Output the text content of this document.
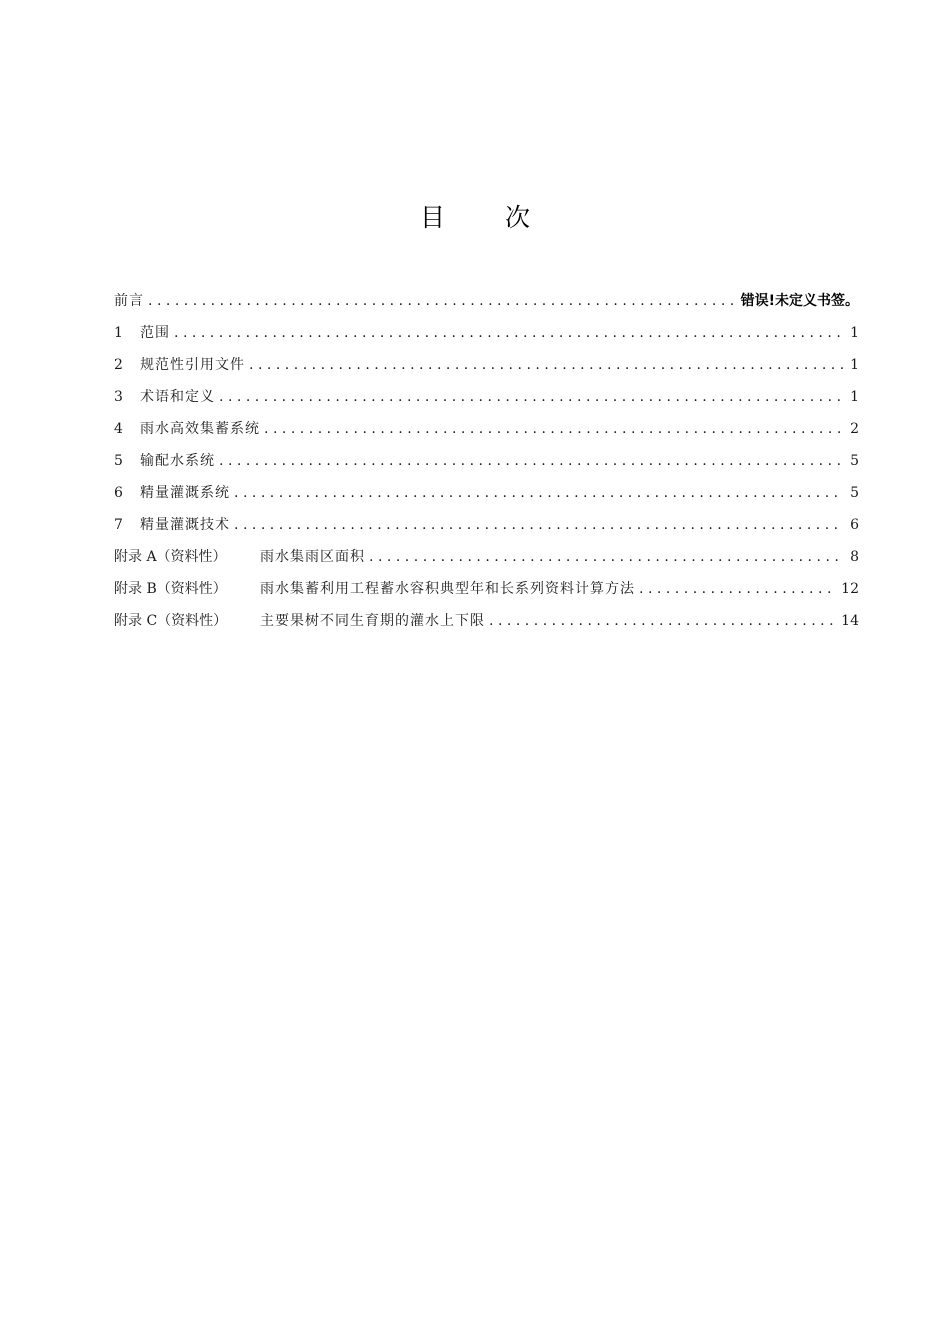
目 次
前言 .....	错误!未定义书签。
1	范围 .....	1
2	规范性引用文件 .....	1
3	术语和定义 .....	1
4	雨水高效集蓄系统 .....	2
5	输配水系统 .....	5
6	精量灌溉系统 .....	5
7	精量灌溉技术 .....	6
附录 A（资料性）	雨水集雨区面积 .....	8
附录 B（资料性）	雨水集蓄利用工程蓄水容积典型年和长系列资料计算方法 .....	12
附录 C（资料性）	主要果树不同生育期的灌水上下限 .....	14
